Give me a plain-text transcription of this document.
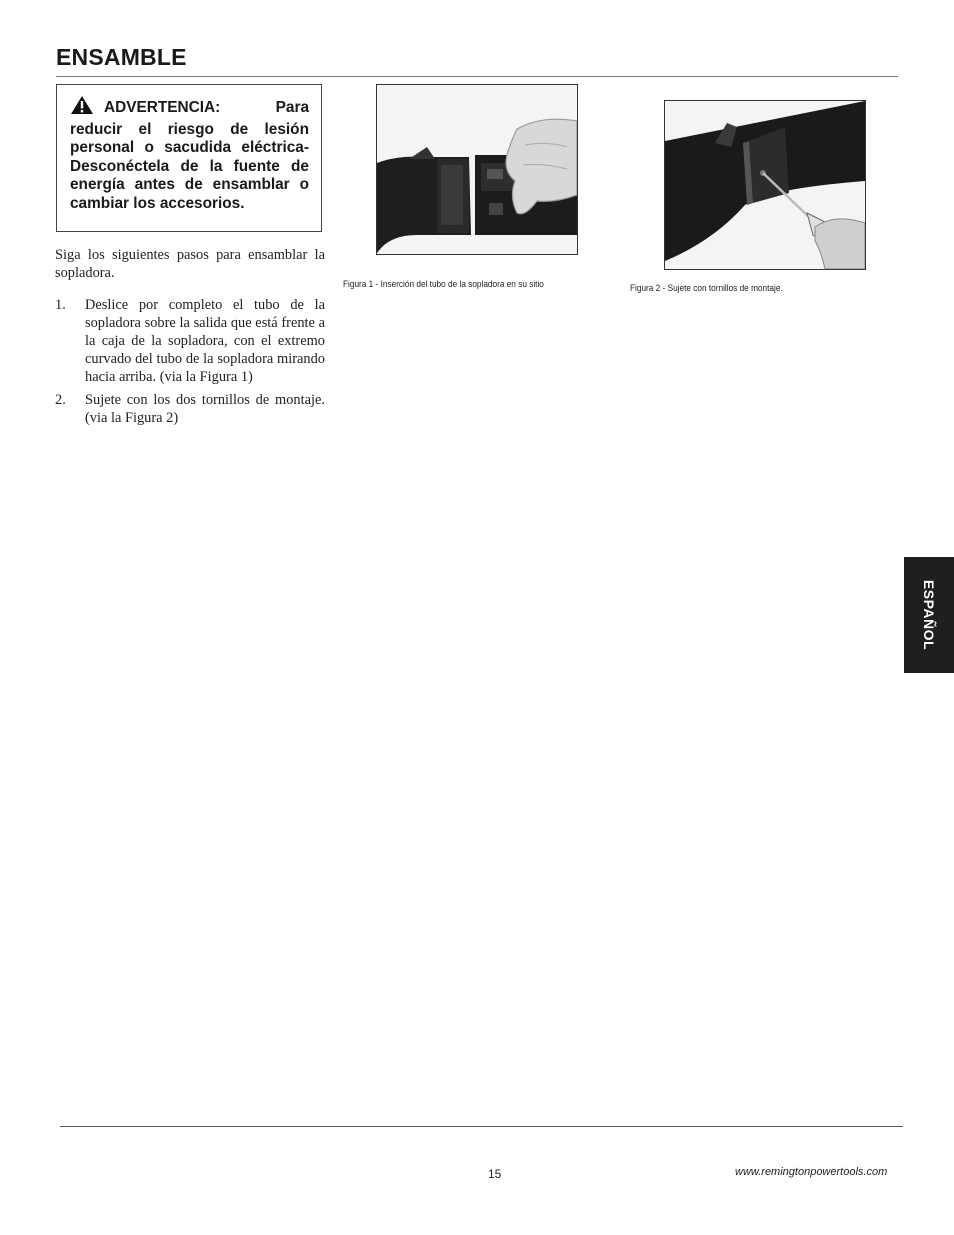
ENSAMBLE

ADVERTENCIA:	Para reducir el riesgo de lesión personal o sacudida eléctrica- Desconéctela de la fuente de energía antes de ensamblar o cambiar los accesorios.

Siga los siguientes pasos para ensamblar la sopladora.

1. Deslice por completo el tubo de la sopladora sobre la salida que está frente a la caja de la sopladora, con el extremo curvado del tubo de la sopladora mirando hacia arriba. (via la Figura 1)
2. Sujete con los dos tornillos de montaje. (via la Figura 2)
Figura 1 - Inserción del tubo de la sopladora en su sitio	Figura 2 - Sujete con tornillos de montaje.
ESPAÑOL
15	www.remingtonpowertools.com
